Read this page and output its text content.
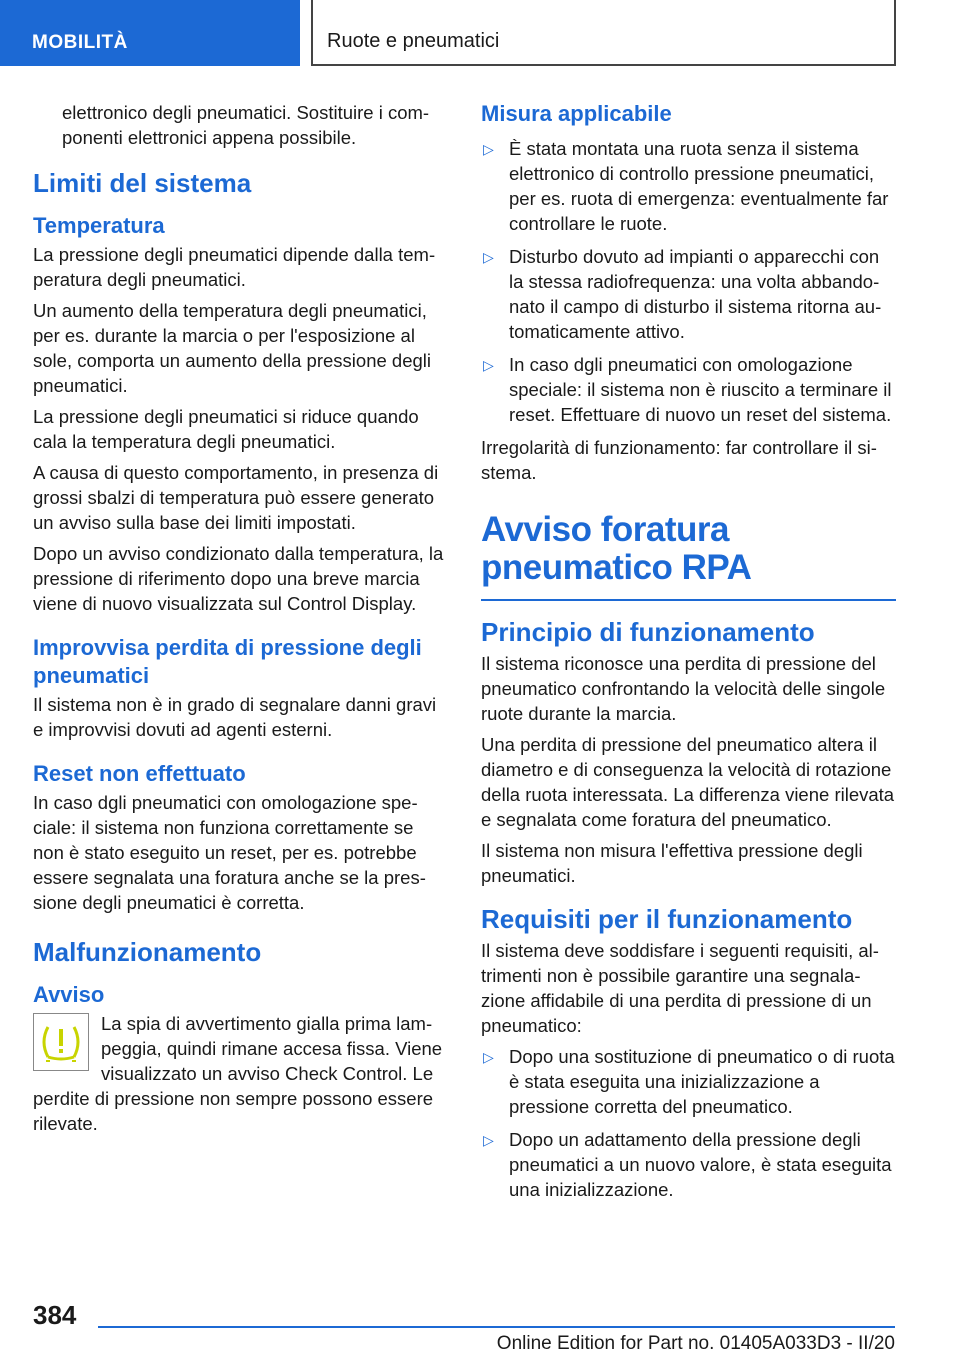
MOBILITÀ	Ruote e pneumatici

elettronico degli pneumatici. Sostituire i componenti elettronici appena possibile.

Limiti del sistema
Temperatura

La pressione degli pneumatici dipende dalla temperatura degli pneumatici.

Un aumento della temperatura degli pneumatici, per es. durante la marcia o per l'esposizione al sole, comporta un aumento della pressione degli pneumatici.

La pressione degli pneumatici si riduce quando cala la temperatura degli pneumatici.

A causa di questo comportamento, in presenza di grossi sbalzi di temperatura può essere generato un avviso sulla base dei limiti impostati.

Dopo un avviso condizionato dalla temperatura, la pressione di riferimento dopo una breve marcia viene di nuovo visualizzata sul Control Display.

Improvvisa perdita di pressione degli pneumatici

Il sistema non è in grado di segnalare danni gravi e improvvisi dovuti ad agenti esterni.

Reset non effettuato

In caso dgli pneumatici con omologazione speciale: il sistema non funziona correttamente se non è stato eseguito un reset, per es. potrebbe essere segnalata una foratura anche se la pressione degli pneumatici è corretta.

Malfunzionamento
Avviso

La spia di avvertimento gialla prima lampeggia, quindi rimane accesa fissa. Viene visualizzato un avviso Check Control. Le perdite di pressione non sempre possono essere rilevate.

Misura applicabile
▷ È stata montata una ruota senza il sistema elettronico di controllo pressione pneumatici, per es. ruota di emergenza: eventualmente far controllare le ruote.
▷ Disturbo dovuto ad impianti o apparecchi con la stessa radiofrequenza: una volta abbandonato il campo di disturbo il sistema ritorna automaticamente attivo.
▷ In caso dgli pneumatici con omologazione speciale: il sistema non è riuscito a terminare il reset. Effettuare di nuovo un reset del sistema.

Irregolarità di funzionamento: far controllare il sistema.

Avviso foratura pneumatico RPA
Principio di funzionamento

Il sistema riconosce una perdita di pressione del pneumatico confrontando la velocità delle singole ruote durante la marcia.

Una perdita di pressione del pneumatico altera il diametro e di conseguenza la velocità di rotazione della ruota interessata. La differenza viene rilevata e segnalata come foratura del pneumatico.

Il sistema non misura l'effettiva pressione degli pneumatici.

Requisiti per il funzionamento

Il sistema deve soddisfare i seguenti requisiti, altrimenti non è possibile garantire una segnalazione affidabile di una perdita di pressione di un pneumatico:

▷ Dopo una sostituzione di pneumatico o di ruota è stata eseguita una inizializzazione a pressione corretta del pneumatico.
▷ Dopo un adattamento della pressione degli pneumatici a un nuovo valore, è stata eseguita una inizializzazione.
384
Online Edition for Part no. 01405A033D3 - II/20
